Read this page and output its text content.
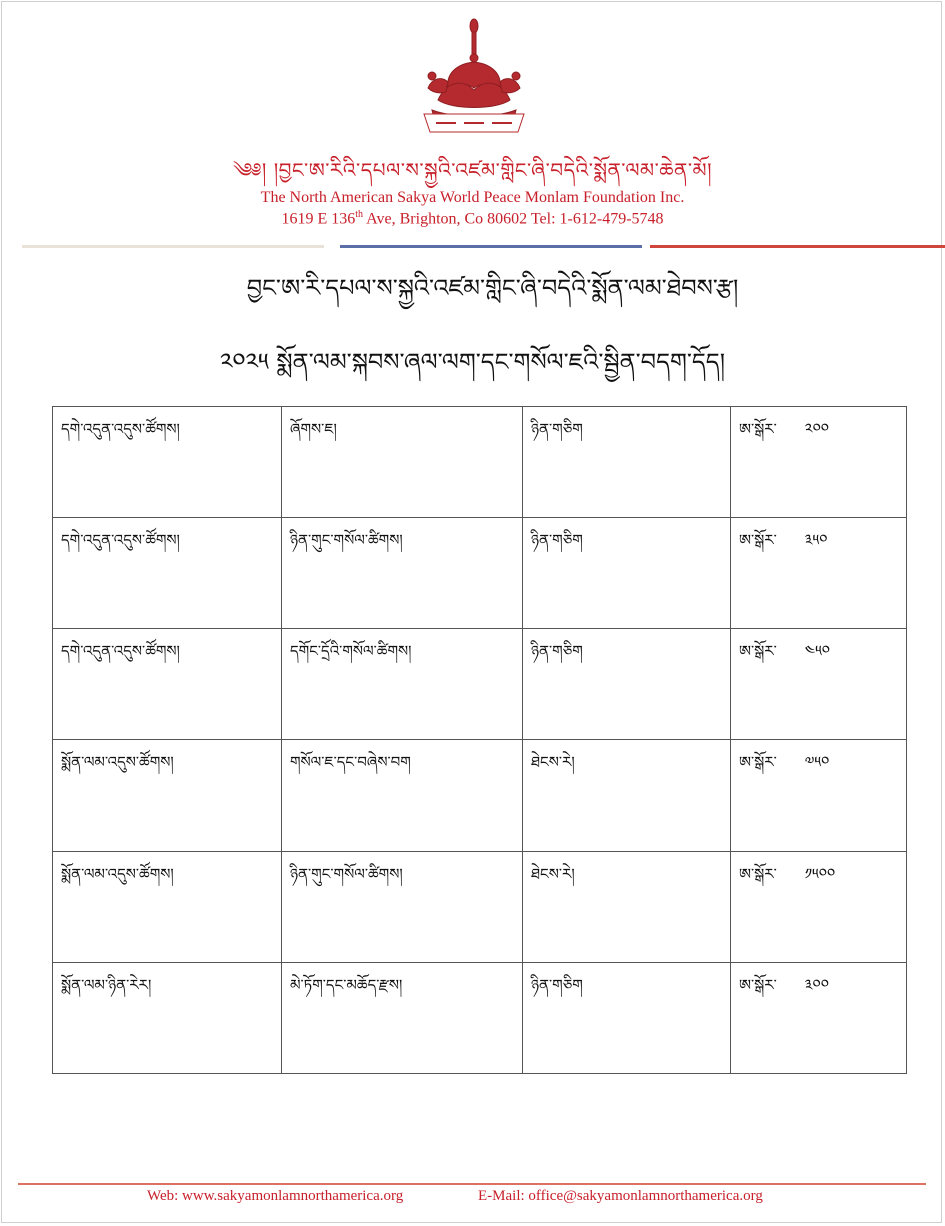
༄༅། །བྱང་ཨ་རིའི་དཔལ་ས་སྐྱའི་འཛམ་གླིང་ཞི་བདེའི་སྨོན་ལམ་ཆེན་མོ།
The North American Sakya World Peace Monlam Foundation Inc.
1619 E 136th Ave, Brighton, Co 80602 Tel: 1-612-479-5748
བྱང་ཨ་རི་དཔལ་ས་སྐྱའི་འཛམ་གླིང་ཞི་བདེའི་སྨོན་ལམ་ཐེབས་རྩ།
༢༠༢༥ སྨོན་ལམ་སྐབས་ཞལ་ལག་དང་གསོལ་ཇའི་སྦྱིན་བདག་དོད།
དགེ་འདུན་འདུས་ཚོགས།	ཞོགས་ཇ།	ཉིན་གཅིག	ཨ་སྒོར་ ༢༠༠

དགེ་འདུན་འདུས་ཚོགས།	ཉིན་གུང་གསོལ་ཚིགས།	ཉིན་གཅིག	ཨ་སྒོར་ ༣༥༠

དགེ་འདུན་འདུས་ཚོགས།	དགོང་དྲོའི་གསོལ་ཚིགས།	ཉིན་གཅིག	ཨ་སྒོར་ ༤༥༠

སྨོན་ལམ་འདུས་ཚོགས།	གསོལ་ཇ་དང་བཞེས་བག	ཐེངས་རེ།	ཨ་སྒོར་ ༧༥༠

སྨོན་ལམ་འདུས་ཚོགས།	ཉིན་གུང་གསོལ་ཚིགས།	ཐེངས་རེ།	ཨ་སྒོར་ ༡༥༠༠

སྨོན་ལམ་ཉིན་རེར།	མེ་ཏོག་དང་མཆོད་རྫས།	ཉིན་གཅིག	ཨ་སྒོར་ ༣༠༠
Web: www.sakyamonlamnorthamerica.org	E-Mail: office@sakyamonlamnorthamerica.org
